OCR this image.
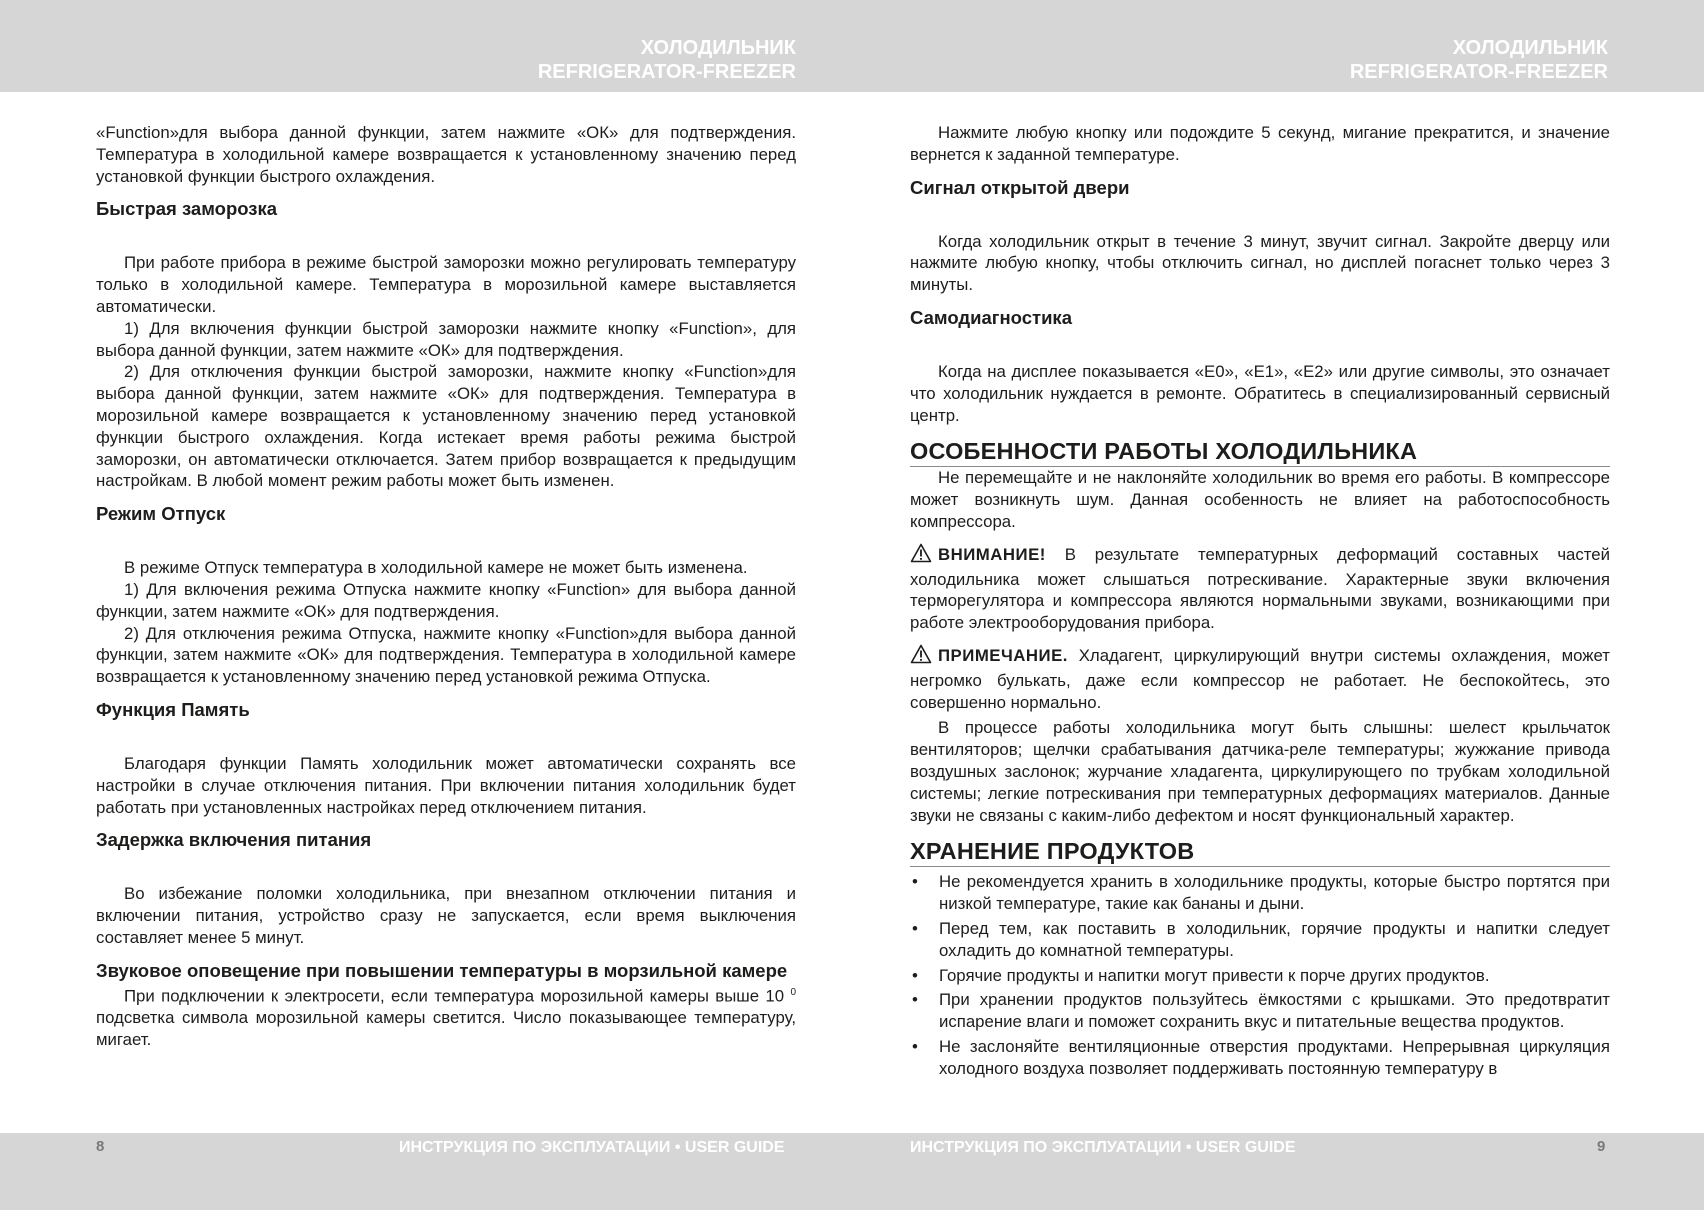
ХОЛОДИЛЬНИК
REFRIGERATOR-FREEZER
ХОЛОДИЛЬНИК
REFRIGERATOR-FREEZER
8	ИНСТРУКЦИЯ ПО ЭКСПЛУАТАЦИИ • USER GUIDE	ИНСТРУКЦИЯ ПО ЭКСПЛУАТАЦИИ • USER GUIDE	9

«Function»для выбора данной функции, затем нажмите «ОК» для подтверждения. Температура в холодильной камере возвращается к установленному значению перед установкой функции быстрого охлаждения.

Быстрая заморозка

При работе прибора в режиме быстрой заморозки можно регулировать температуру только в холодильной камере. Температура в морозильной камере выставляется автоматически.

1) Для включения функции быстрой заморозки нажмите кнопку «Function», для выбора данной функции, затем нажмите «ОК» для подтверждения.

2) Для отключения функции быстрой заморозки, нажмите кнопку «Function»для выбора данной функции, затем нажмите «ОК» для подтверждения. Температура в морозильной камере возвращается к установленному значению перед установкой функции быстрого охлаждения. Когда истекает время работы режима быстрой заморозки, он автоматически отключается. Затем прибор возвращается к предыдущим настройкам. В любой момент режим работы может быть изменен.

Режим Отпуск

В режиме Отпуск температура в холодильной камере не может быть изменена.

1) Для включения режима Отпуска нажмите кнопку «Function» для выбора данной функции, затем нажмите «ОК» для подтверждения.

2) Для отключения режима Отпуска, нажмите кнопку «Function»для выбора данной функции, затем нажмите «ОК» для подтверждения. Температура в холодильной камере возвращается к установленному значению перед установкой режима Отпуска.

Функция Память

Благодаря функции Память холодильник может автоматически сохранять все настройки в случае отключения питания. При включении питания холодильник будет работать при установленных настройках перед отключением питания.

Задержка включения питания

Во избежание поломки холодильника, при внезапном отключении питания и включении питания, устройство сразу не запускается, если время выключения составляет менее 5 минут.

Звуковое оповещение при повышении температуры в морзильной камере

При подключении к электросети, если температура морозильной камеры выше 10 $^0$ подсветка символа морозильной камеры светится. Число показывающее температуру, мигает.

Нажмите любую кнопку или подождите 5 секунд, мигание прекратится, и значение вернется к заданной температуре.

Сигнал открытой двери

Когда холодильник открыт в течение 3 минут, звучит сигнал. Закройте дверцу или нажмите любую кнопку, чтобы отключить сигнал, но дисплей погаснет только через 3 минуты.

Самодиагностика

Когда на дисплее показывается «Е0», «Е1», «Е2» или другие символы, это означает что холодильник нуждается в ремонте. Обратитесь в специализированный сервисный центр.

ОСОБЕННОСТИ РАБОТЫ ХОЛОДИЛЬНИКА

Не перемещайте и не наклоняйте холодильник во время его работы. В компрессоре может возникнуть шум. Данная особенность не влияет на работоспособность компрессора.

ВНИМАНИЕ! В результате температурных деформаций составных частей холодильника может слышаться потрескивание. Характерные звуки включения терморегулятора и компрессора являются нормальными звуками, возникающими при работе электрооборудования прибора.

ПРИМЕЧАНИЕ. Хладагент, циркулирующий внутри системы охлаждения, может негромко булькать, даже если компрессор не работает. Не беспокойтесь, это совершенно нормально.

В процессе работы холодильника могут быть слышны: шелест крыльчаток вентиляторов; щелчки срабатывания датчика-реле температуры; жужжание привода воздушных заслонок; журчание хладагента, циркулирующего по трубкам холодильной системы; легкие потрескивания при температурных деформациях материалов. Данные звуки не связаны с каким-либо дефектом и носят функциональный характер.

ХРАНЕНИЕ ПРОДУКТОВ
• Не рекомендуется хранить в холодильнике продукты, которые быстро портятся при низкой температуре, такие как бананы и дыни.
• Перед тем, как поставить в холодильник, горячие продукты и напитки следует охладить до комнатной температуры.
• Горячие продукты и напитки могут привести к порче других продуктов.
• При хранении продуктов пользуйтесь ёмкостями с крышками. Это предотвратит испарение влаги и поможет сохранить вкус и питательные вещества продуктов.
• Не заслоняйте вентиляционные отверстия продуктами. Непрерывная циркуляция холодного воздуха позволяет поддерживать постоянную температуру в
